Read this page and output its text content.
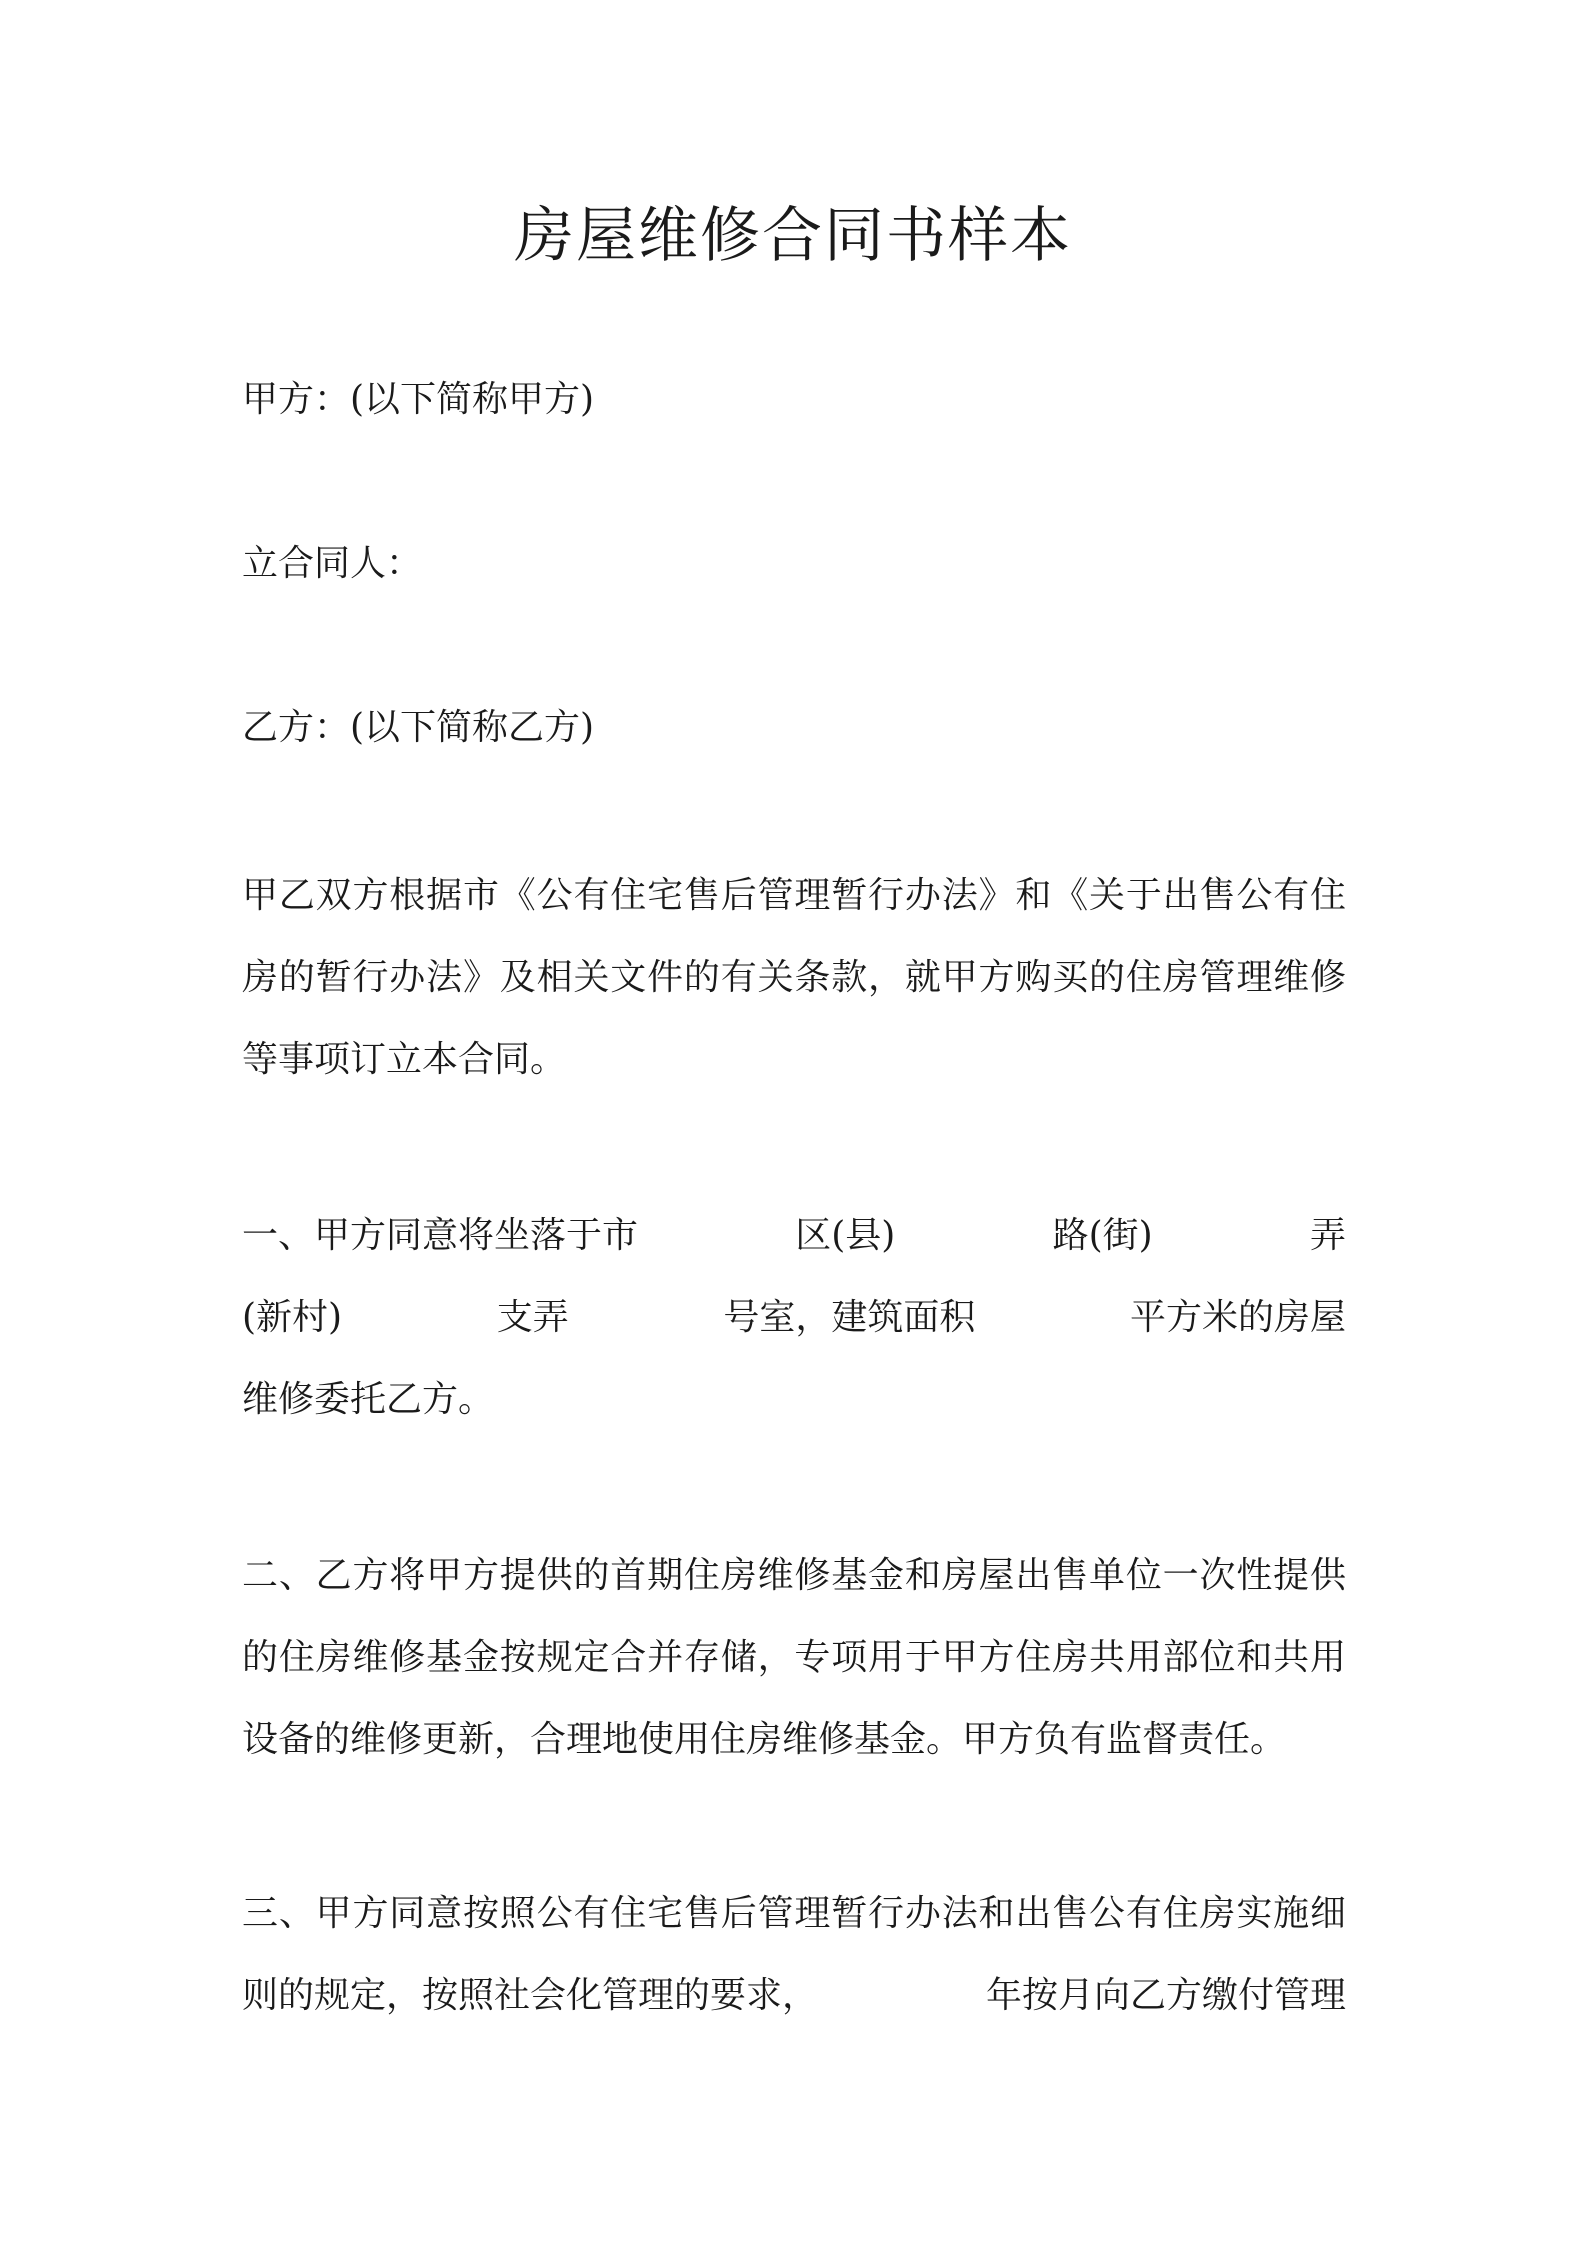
房屋维修合同书样本
甲方：(以下简称甲方)
立合同人：
乙方：(以下简称乙方)
甲乙双方根据市《公有住宅售后管理暂行办法》和《关于出售公有住
房的暂行办法》及相关文件的有关条款，就甲方购买的住房管理维修
等事项订立本合同。
一、甲方同意将坐落于市	区(县)	路(街)	弄
(新村)	支弄	号室，建筑面积	平方米的房屋
维修委托乙方。
二、乙方将甲方提供的首期住房维修基金和房屋出售单位一次性提供
的住房维修基金按规定合并存储，专项用于甲方住房共用部位和共用
设备的维修更新，合理地使用住房维修基金。甲方负有监督责任。
三、甲方同意按照公有住宅售后管理暂行办法和出售公有住房实施细
则的规定，按照社会化管理的要求，	年按月向乙方缴付管理
